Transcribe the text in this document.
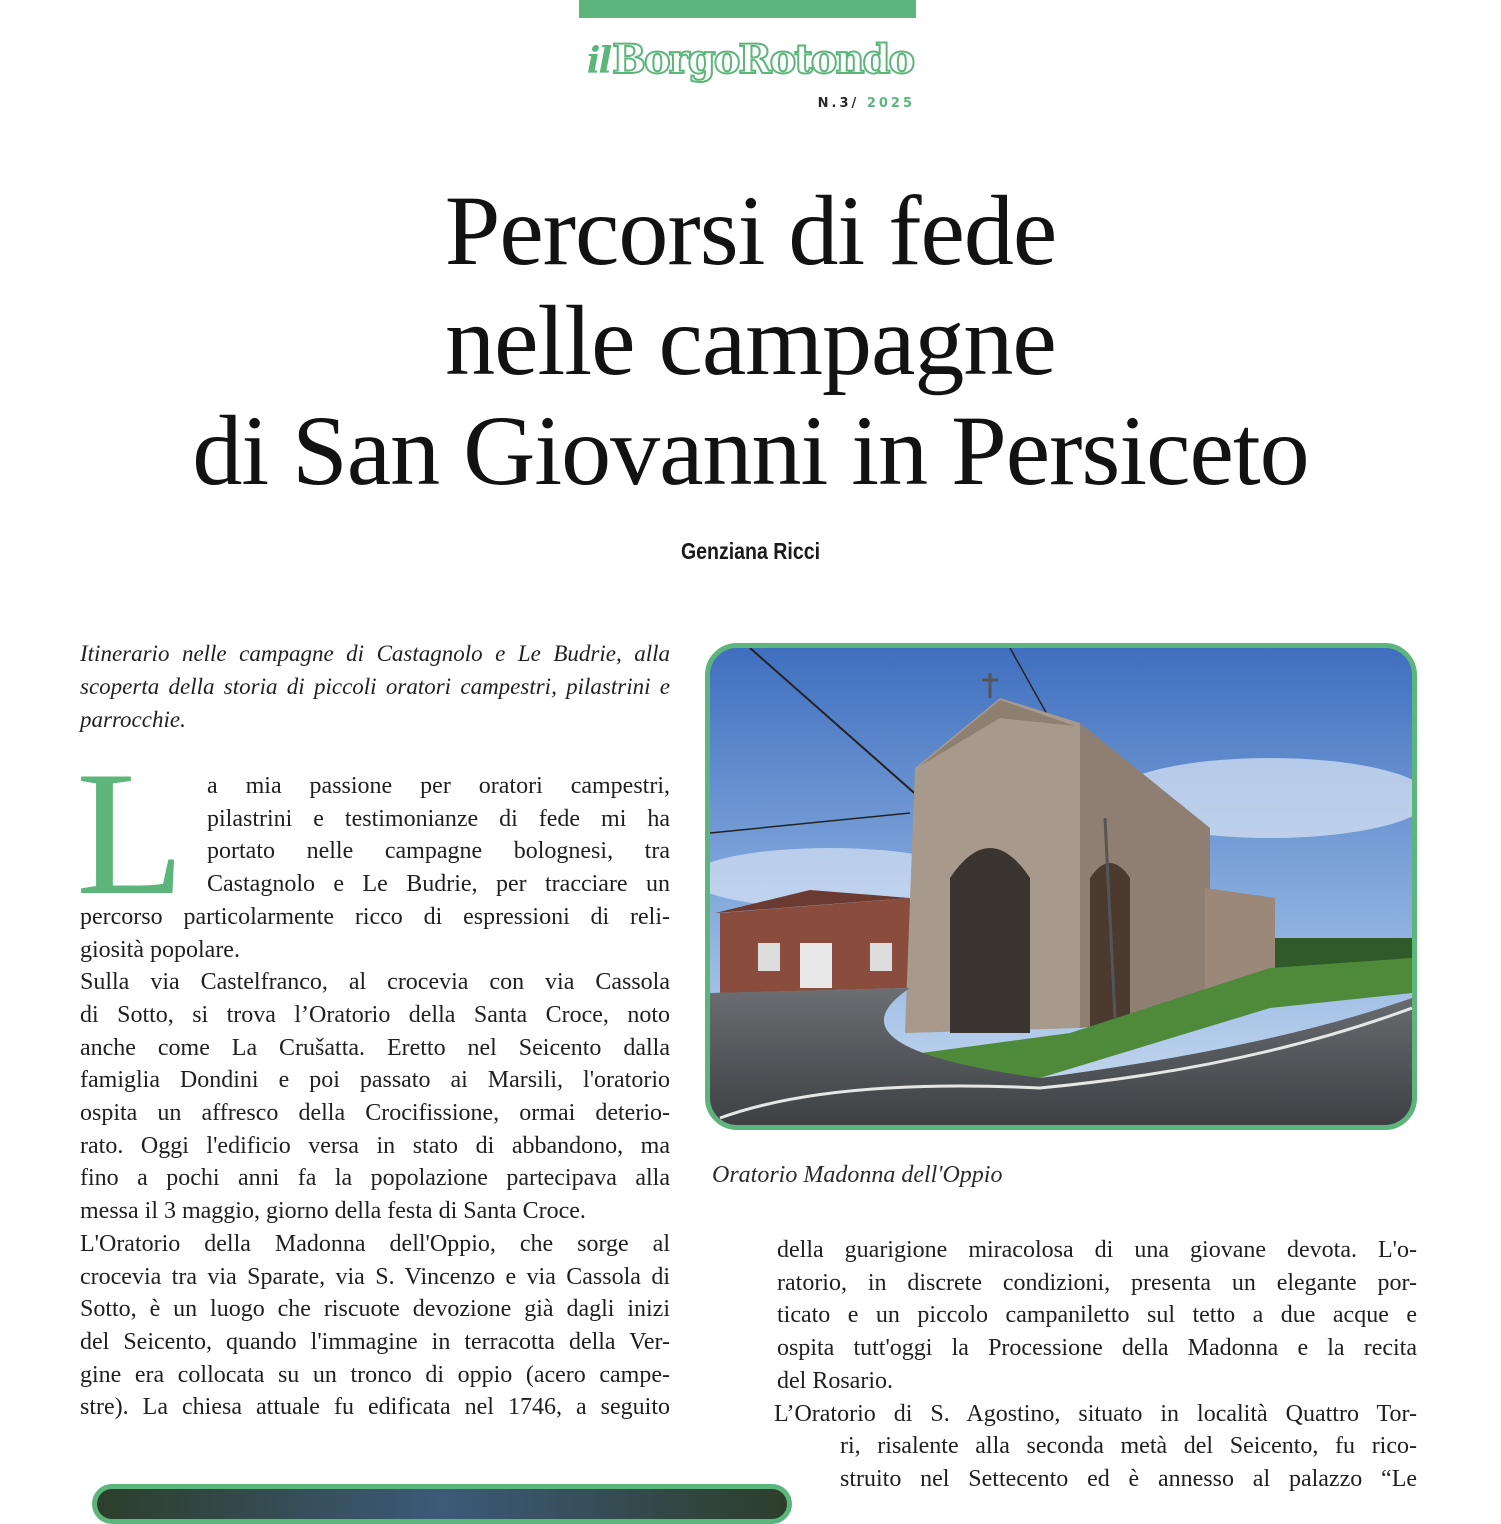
ilBorgoRotondo
N.3/ 2025
Percorsi di fede
nelle campagne
di San Giovanni in Persiceto
Genziana Ricci

Itinerario nelle campagne di Castagnolo e Le Budrie, alla scoperta della storia di piccoli oratori campestri, pilastrini e parrocchie.

L a mia passione per oratori campestri,
pilastrini e testimonianze di fede mi ha
portato nelle campagne bolognesi, tra
Castagnolo e Le Budrie, per tracciare un
percorso particolarmente ricco di espressioni di reli-
giosità popolare.
Sulla via Castelfranco, al crocevia con via Cassola
di Sotto, si trova l’Oratorio della Santa Croce, noto
anche come La Crušatta. Eretto nel Seicento dalla
famiglia Dondini e poi passato ai Marsili, l'oratorio
ospita un affresco della Crocifissione, ormai deterio-
rato. Oggi l'edificio versa in stato di abbandono, ma
fino a pochi anni fa la popolazione partecipava alla
messa il 3 maggio, giorno della festa di Santa Croce.
L'Oratorio della Madonna dell'Oppio, che sorge al
crocevia tra via Sparate, via S. Vincenzo e via Cassola di
Sotto, è un luogo che riscuote devozione già dagli inizi
del Seicento, quando l'immagine in terracotta della Ver-
gine era collocata su un tronco di oppio (acero campe-
stre). La chiesa attuale fu edificata nel 1746, a seguito
Oratorio Madonna dell'Oppio
della guarigione miracolosa di una giovane devota. L'o-
ratorio, in discrete condizioni, presenta un elegante por-
ticato e un piccolo campaniletto sul tetto a due acque e
ospita tutt'oggi la Processione della Madonna e la recita
del Rosario.
L’Oratorio di S. Agostino, situato in località Quattro Tor-
ri, risalente alla seconda metà del Seicento, fu rico-
struito nel Settecento ed è annesso al palazzo “Le
